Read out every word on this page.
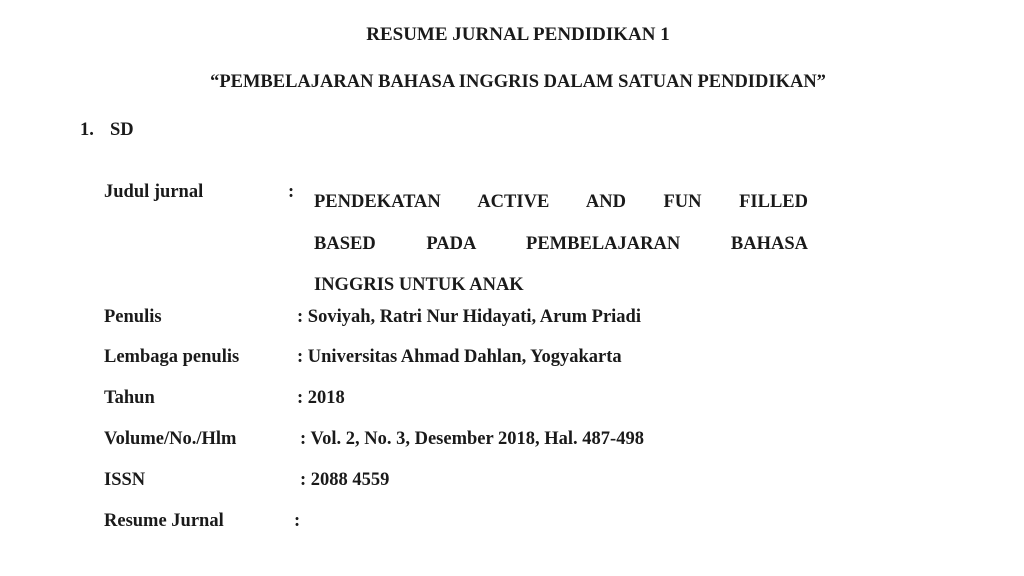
RESUME JURNAL PENDIDIKAN 1
“PEMBELAJARAN BAHASA INGGRIS DALAM SATUAN PENDIDIKAN”
1. SD
Judul jurnal	: PENDEKATAN ACTIVE AND FUN FILLED
BASED PADA PEMBELAJARAN BAHASA
INGGRIS UNTUK ANAK
Penulis	: Soviyah, Ratri Nur Hidayati, Arum Priadi
Lembaga penulis	: Universitas Ahmad Dahlan, Yogyakarta
Tahun	: 2018
Volume/No./Hlm	: Vol. 2, No. 3, Desember 2018, Hal. 487-498
ISSN	: 2088 4559
Resume Jurnal	:
